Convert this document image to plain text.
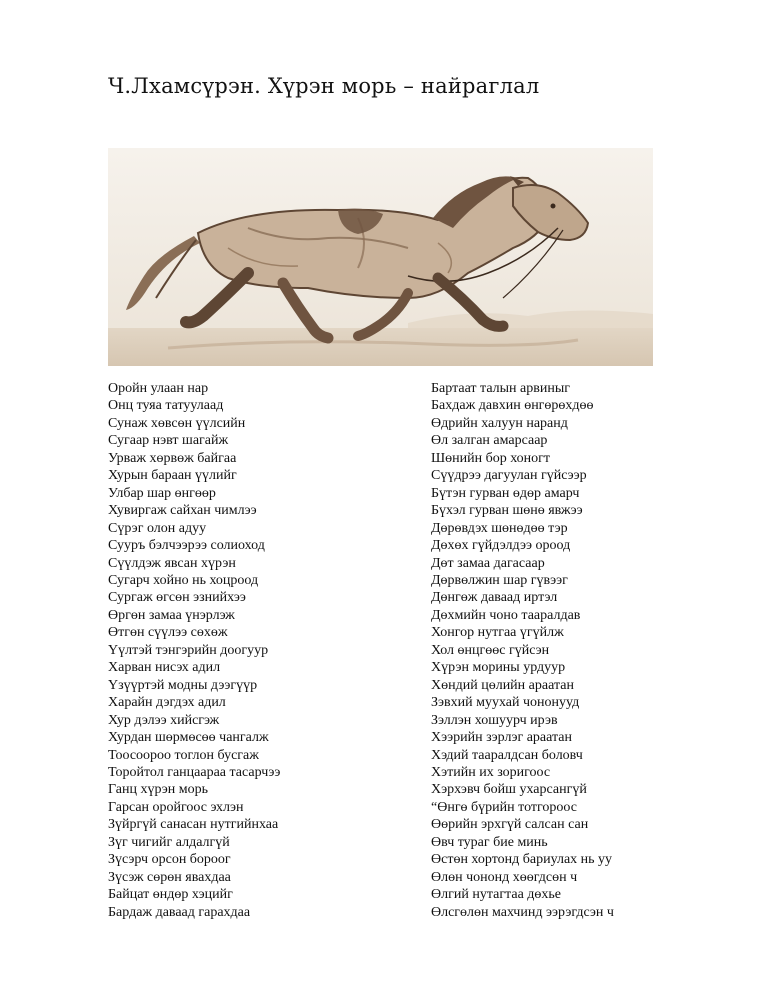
Ч.Лхамсүрэн. Хүрэн морь – найраглал
Оройн улаан нар
Онц туяа татуулаад
Сунаж хөвсөн үүлсийн
Сугаар нэвт шагайж
Урваж хөрвөж байгаа
Хурын бараан үүлийг
Улбар шар өнгөөр
Хувиргаж сайхан чимлээ
Сүрэг олон адуу
Сууръ бэлчээрээ солиоход
Сүүлдэж явсан хүрэн
Сугарч хойно нь хоцроод
Сургаж өгсөн эзнийхээ
Өргөн замаа үнэрлэж
Өтгөн сүүлээ сөхөж
Үүлтэй тэнгэрийн доогуур
Харван нисэх адил
Үзүүртэй модны дээгүүр
Харайн дэгдэх адил
Хур дэлээ хийсгэж
Хурдан шөрмөсөө чангалж
Тоосоороо тоглон бусгаж
Торойтол ганцаараа тасарчээ
Ганц хүрэн морь
Гарсан оройгоос эхлэн
Зүйргүй санасан нутгийнхаа
Зүг чигийг алдалгүй
Зүсэрч орсон бороог
Зүсэж сөрөн явахдаа
Байцат өндөр хэцийг
Бардаж даваад гарахдаа
Бартаат талын арвиныг
Бахдаж давхин өнгөрөхдөө
Өдрийн халуун наранд
Өл залган амарсаар
Шөнийн бор хоногт
Сүүдрээ дагуулан гүйсээр
Бүтэн гурван өдөр амарч
Бүхэл гурван шөнө явжээ
Дөрөвдэх шөнөдөө тэр
Дөхөх гүйдэлдээ ороод
Дөт замаа дагасаар
Дөрвөлжин шар гүвээг
Дөнгөж даваад иртэл
Дөхмийн чоно тааралдав
Хонгор нутгаа үгүйлж
Хол өнцгөөс гүйсэн
Хүрэн морины урдуур
Хөндий цөлийн араатан
Зэвхий муухай чононууд
Зэллэн хошуурч ирэв
Хээрийн зэрлэг араатан
Хэдий тааралдсан боловч
Хэтийн их зоригоос
Хэрхэвч бойш ухарсангүй
“Өнгө бүрийн тотгороос
Өөрийн эрхгүй салсан сан
Өвч тураг бие минь
Өстөн хортонд бариулах нь уу
Өлөн чононд хөөгдсөн ч
Өлгий нутагтаа дөхье
Өлсгөлөн махчинд ээрэгдсэн ч
